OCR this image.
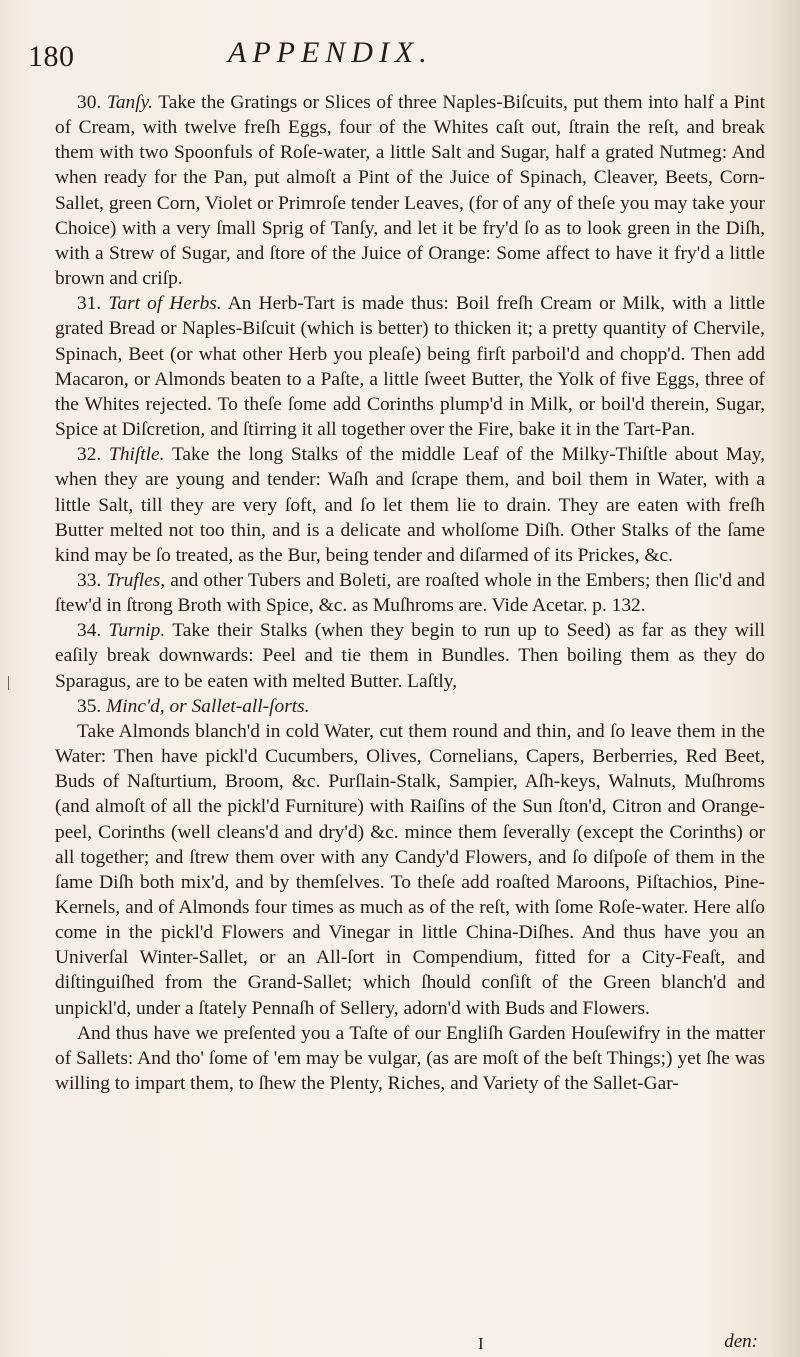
180	APPENDIX.

30. Tanſy. Take the Gratings or Slices of three Naples-Biſcuits, put them into half a Pint of Cream, with twelve freſh Eggs, four of the Whites caſt out, ſtrain the reſt, and break them with two Spoonfuls of Roſe-water, a little Salt and Sugar, half a grated Nutmeg: And when ready for the Pan, put almoſt a Pint of the Juice of Spinach, Cleaver, Beets, Corn-Sallet, green Corn, Violet or Primroſe tender Leaves, (for of any of theſe you may take your Choice) with a very ſmall Sprig of Tanſy, and let it be fry'd ſo as to look green in the Diſh, with a Strew of Sugar, and ſtore of the Juice of Orange: Some affect to have it fry'd a little brown and criſp.

31. Tart of Herbs. An Herb-Tart is made thus: Boil freſh Cream or Milk, with a little grated Bread or Naples-Biſcuit (which is better) to thicken it; a pretty quantity of Chervile, Spinach, Beet (or what other Herb you pleaſe) being firſt parboil'd and chopp'd. Then add Macaron, or Almonds beaten to a Paſte, a little ſweet Butter, the Yolk of five Eggs, three of the Whites rejected. To theſe ſome add Corinths plump'd in Milk, or boil'd therein, Sugar, Spice at Diſcretion, and ſtirring it all together over the Fire, bake it in the Tart-Pan.

32. Thiſtle. Take the long Stalks of the middle Leaf of the Milky-Thiſtle about May, when they are young and tender: Waſh and ſcrape them, and boil them in Water, with a little Salt, till they are very ſoft, and ſo let them lie to drain. They are eaten with freſh Butter melted not too thin, and is a delicate and wholſome Diſh. Other Stalks of the ſame kind may be ſo treated, as the Bur, being tender and diſarmed of its Prickes, &c.

33. Trufles, and other Tubers and Boleti, are roaſted whole in the Embers; then ſlic'd and ſtew'd in ſtrong Broth with Spice, &c. as Muſhroms are. Vide Acetar. p. 132.

34. Turnip. Take their Stalks (when they begin to run up to Seed) as far as they will eaſily break downwards: Peel and tie them in Bundles. Then boiling them as they do Sparagus, are to be eaten with melted Butter. Laſtly,

35. Minc'd, or Sallet-all-ſorts.

Take Almonds blanch'd in cold Water, cut them round and thin, and ſo leave them in the Water: Then have pickl'd Cucumbers, Olives, Cornelians, Capers, Berberries, Red Beet, Buds of Naſturtium, Broom, &c. Purſlain-Stalk, Sampier, Aſh-keys, Walnuts, Muſhroms (and almoſt of all the pickl'd Furniture) with Raiſins of the Sun ſton'd, Citron and Orange-peel, Corinths (well cleans'd and dry'd) &c. mince them ſeverally (except the Corinths) or all together; and ſtrew them over with any Candy'd Flowers, and ſo diſpoſe of them in the ſame Diſh both mix'd, and by themſelves. To theſe add roaſted Maroons, Piſtachios, Pine-Kernels, and of Almonds four times as much as of the reſt, with ſome Roſe-water. Here alſo come in the pickl'd Flowers and Vinegar in little China-Diſhes. And thus have you an Univerſal Winter-Sallet, or an All-ſort in Compendium, fitted for a City-Feaſt, and diſtinguiſhed from the Grand-Sallet; which ſhould conſiſt of the Green blanch'd and unpickl'd, under a ſtately Pennaſh of Sellery, adorn'd with Buds and Flowers.

And thus have we preſented you a Taſte of our Engliſh Garden Houſewifry in the matter of Sallets: And tho' ſome of 'em may be vulgar, (as are moſt of the beſt Things;) yet ſhe was willing to impart them, to ſhew the Plenty, Riches, and Variety of the Sallet-Gar-

I	den:
